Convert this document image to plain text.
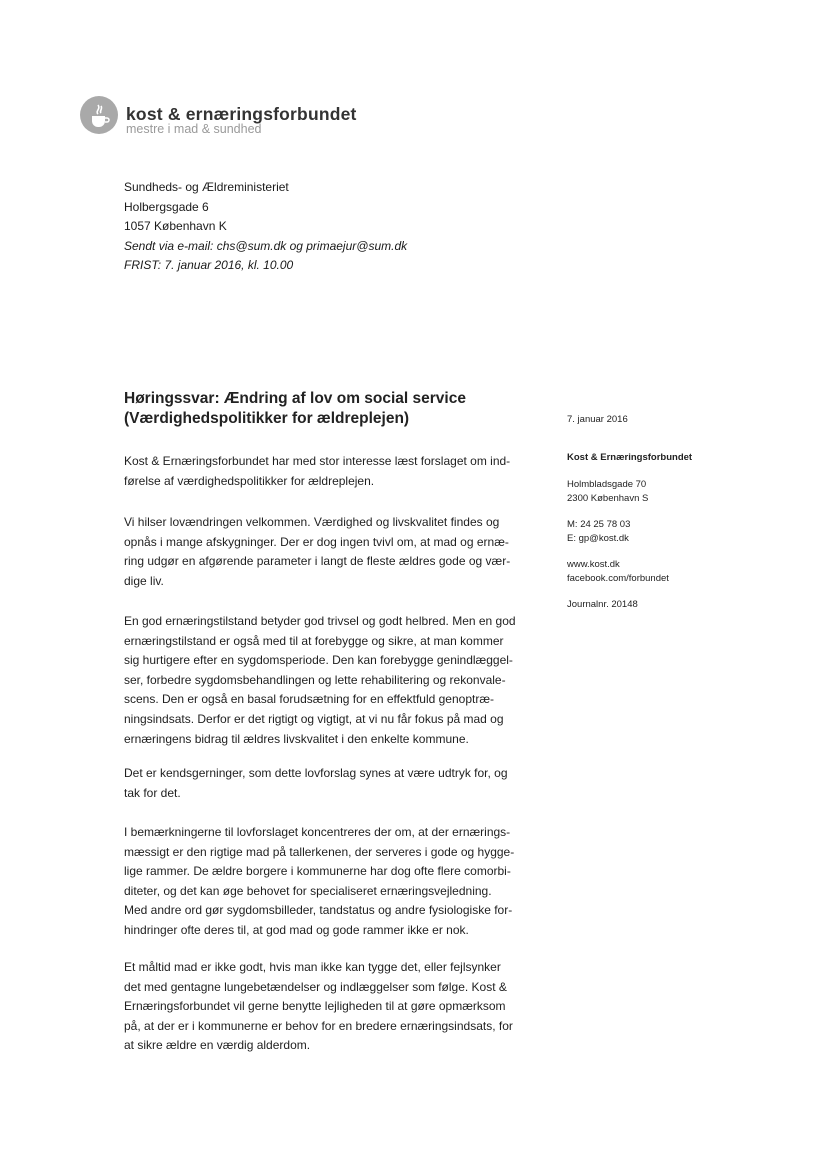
kost & ernæringsforbundet
mestre i mad & sundhed
Sundheds- og Ældreministeriet
Holbergsgade 6
1057 København K
Sendt via e-mail: chs@sum.dk og primaejur@sum.dk
FRIST: 7. januar 2016, kl. 10.00
Høringssvar: Ændring af lov om social service
(Værdighedspolitikker for ældreplejen)
Kost & Ernæringsforbundet har med stor interesse læst forslaget om ind-
førelse af værdighedspolitikker for ældreplejen.
Vi hilser lovændringen velkommen. Værdighed og livskvalitet findes og
opnås i mange afskygninger. Der er dog ingen tvivl om, at mad og ernæ-
ring udgør en afgørende parameter i langt de fleste ældres gode og vær-
dige liv.
En god ernæringstilstand betyder god trivsel og godt helbred. Men en god
ernæringstilstand er også med til at forebygge og sikre, at man kommer
sig hurtigere efter en sygdomsperiode. Den kan forebygge genindlæggel-
ser, forbedre sygdomsbehandlingen og lette rehabilitering og rekonvale-
scens. Den er også en basal forudsætning for en effektfuld genoptræ-
ningsindsats. Derfor er det rigtigt og vigtigt, at vi nu får fokus på mad og
ernæringens bidrag til ældres livskvalitet i den enkelte kommune.
Det er kendsgerninger, som dette lovforslag synes at være udtryk for, og
tak for det.
I bemærkningerne til lovforslaget koncentreres der om, at der ernærings-
mæssigt er den rigtige mad på tallerkenen, der serveres i gode og hygge-
lige rammer. De ældre borgere i kommunerne har dog ofte flere comorbi-
diteter, og det kan øge behovet for specialiseret ernæringsvejledning.
Med andre ord gør sygdomsbilleder, tandstatus og andre fysiologiske for-
hindringer ofte deres til, at god mad og gode rammer ikke er nok.
Et måltid mad er ikke godt, hvis man ikke kan tygge det, eller fejlsynker
det med gentagne lungebetændelser og indlæggelser som følge. Kost &
Ernæringsforbundet vil gerne benytte lejligheden til at gøre opmærksom
på, at der er i kommunerne er behov for en bredere ernæringsindsats, for
at sikre ældre en værdig alderdom.
7. januar 2016
Kost & Ernæringsforbundet
Holmbladsgade 70
2300 København S
M: 24 25 78 03
E: gp@kost.dk
www.kost.dk
facebook.com/forbundet
Journalnr. 20148
